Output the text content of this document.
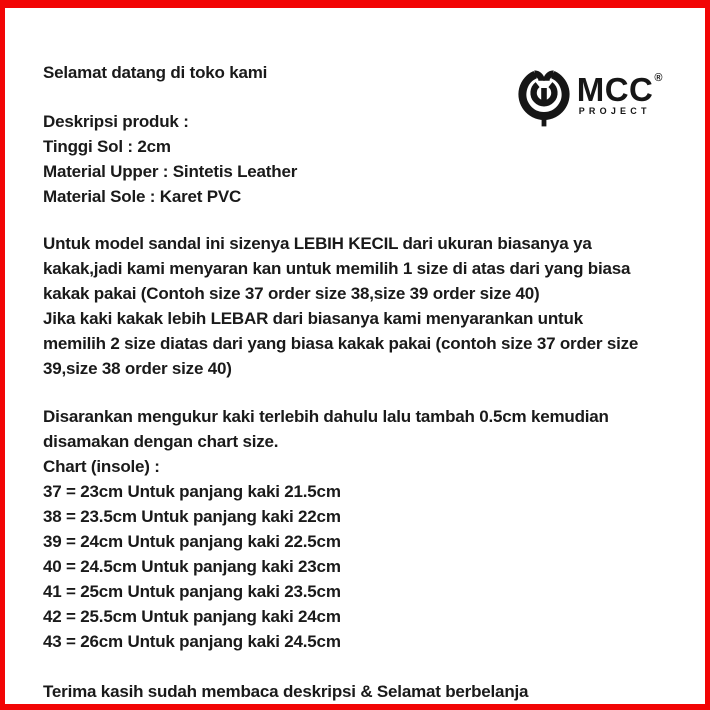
MCC ®
PROJECT
Selamat datang di toko kami
Deskripsi produk :
Tinggi Sol : 2cm
Material Upper : Sintetis Leather
Material Sole : Karet PVC
Untuk model sandal ini sizenya LEBIH KECIL dari ukuran biasanya ya
kakak,jadi kami menyaran kan untuk memilih 1 size di atas dari yang biasa
kakak pakai (Contoh size 37 order size 38,size 39 order size 40)
Jika kaki kakak lebih LEBAR dari biasanya kami menyarankan untuk
memilih 2 size diatas dari yang biasa kakak pakai (contoh size 37 order size
39,size 38 order size 40)
Disarankan mengukur kaki terlebih dahulu lalu tambah 0.5cm kemudian
disamakan dengan chart size.
Chart (insole) :
37 = 23cm Untuk panjang kaki 21.5cm
38 = 23.5cm Untuk panjang kaki 22cm
39 = 24cm Untuk panjang kaki 22.5cm
40 = 24.5cm Untuk panjang kaki 23cm
41 = 25cm Untuk panjang kaki 23.5cm
42 = 25.5cm Untuk panjang kaki 24cm
43 = 26cm Untuk panjang kaki 24.5cm
Terima kasih sudah membaca deskripsi & Selamat berbelanja
